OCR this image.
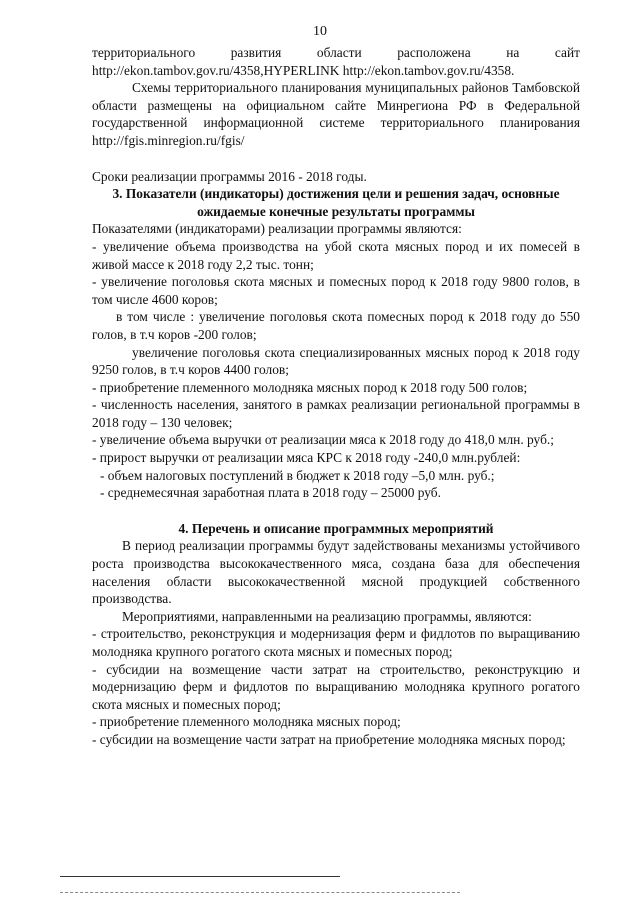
10

территориального развития области расположена на сайт http://ekon.tambov.gov.ru/4358,HYPERLINK http://ekon.tambov.gov.ru/4358.

Схемы территориального планирования муниципальных районов Тамбовской области размещены на официальном сайте Минрегиона РФ в Федеральной государственной информационной системе территориального планирования http://fgis.minregion.ru/fgis/

Сроки реализации программы 2016 - 2018 годы.

3. Показатели (индикаторы) достижения цели и решения задач, основные ожидаемые конечные результаты программы

Показателями (индикаторами) реализации программы являются:

- увеличение объема производства на убой скота мясных пород и их помесей в живой массе к 2018 году 2,2 тыс. тонн;

- увеличение поголовья скота мясных и помесных пород к 2018 году 9800 голов, в том числе 4600 коров;

в том числе : увеличение поголовья скота помесных пород к 2018 году до 550 голов, в т.ч коров -200 голов;

увеличение поголовья скота специализированных мясных пород к 2018 году 9250 голов, в т.ч коров 4400 голов;

- приобретение племенного молодняка мясных пород к 2018 году 500 голов;

- численность населения, занятого в рамках реализации региональной программы в 2018 году – 130 человек;

- увеличение объема выручки от реализации мяса к 2018 году до 418,0 млн. руб.;

- прирост выручки от реализации мяса КРС к 2018 году -240,0 млн.рублей:

- объем налоговых поступлений в бюджет к 2018 году –5,0 млн. руб.;

- среднемесячная заработная плата в 2018 году – 25000 руб.

4. Перечень и описание программных мероприятий

В период реализации программы будут задействованы механизмы устойчивого роста производства высококачественного мяса, создана база для обеспечения населения области высококачественной мясной продукцией собственного производства.

Мероприятиями, направленными на реализацию программы, являются:

- строительство, реконструкция и модернизация ферм и фидлотов по выращиванию молодняка крупного рогатого скота мясных и помесных пород;

- субсидии на возмещение части затрат на строительство, реконструкцию и модернизацию ферм и фидлотов по выращиванию молодняка крупного рогатого скота мясных и помесных пород;

- приобретение племенного молодняка мясных пород;

- субсидии на возмещение части затрат на приобретение молодняка мясных пород;
